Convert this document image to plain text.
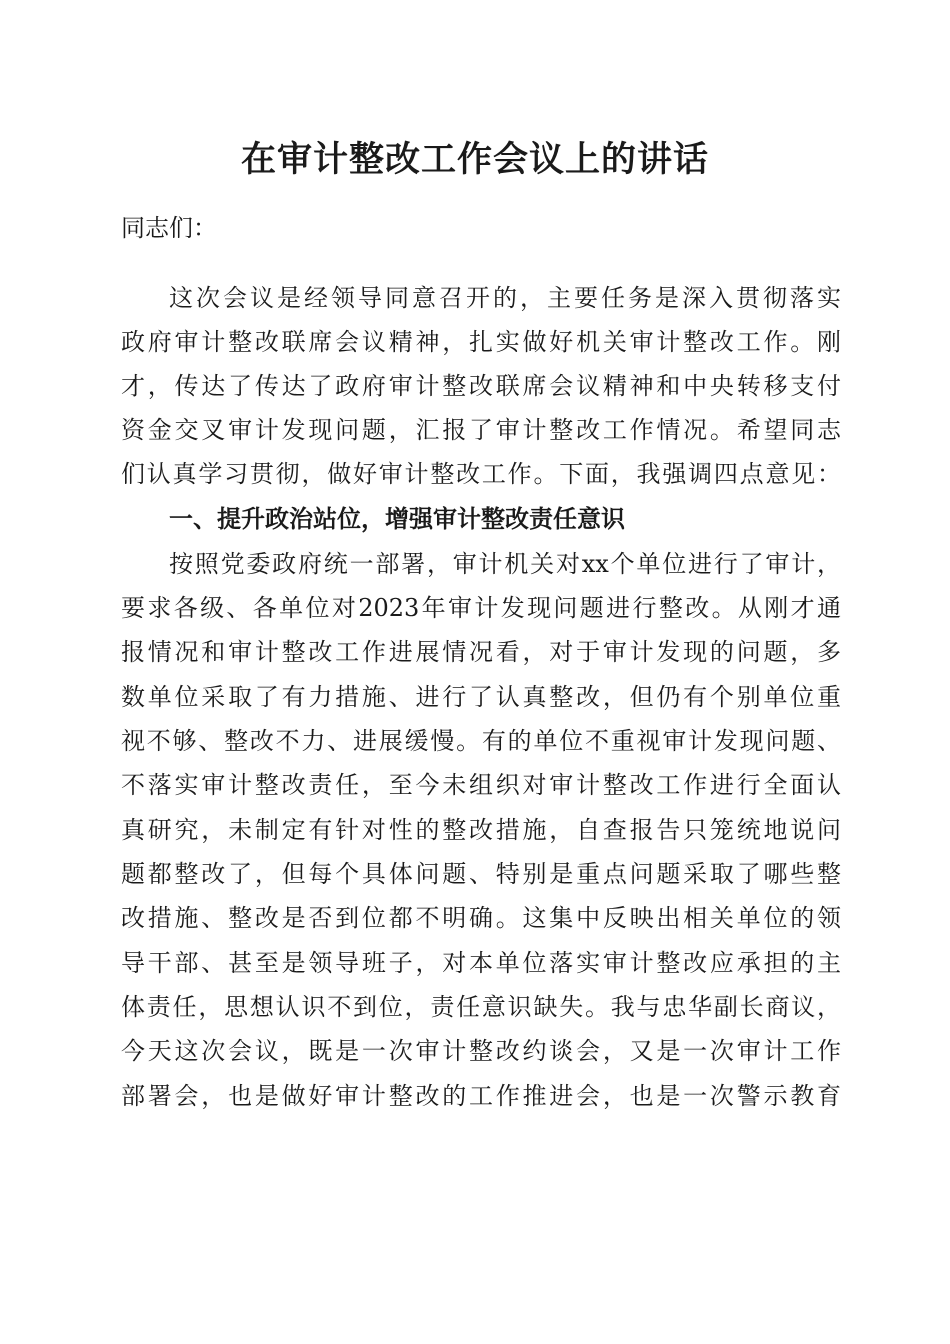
在审计整改工作会议上的讲话

同志们：

这次会议是经领导同意召开的，主要任务是深入贯彻落实

政府审计整改联席会议精神，扎实做好机关审计整改工作。刚

才，传达了传达了政府审计整改联席会议精神和中央转移支付

资金交叉审计发现问题，汇报了审计整改工作情况。希望同志

们认真学习贯彻，做好审计整改工作。下面，我强调四点意见：

一、提升政治站位，增强审计整改责任意识

按照党委政府统一部署，审计机关对xx个单位进行了审计，

要求各级、各单位对2023年审计发现问题进行整改。从刚才通

报情况和审计整改工作进展情况看，对于审计发现的问题，多

数单位采取了有力措施、进行了认真整改，但仍有个别单位重

视不够、整改不力、进展缓慢。有的单位不重视审计发现问题、

不落实审计整改责任，至今未组织对审计整改工作进行全面认

真研究，未制定有针对性的整改措施，自查报告只笼统地说问

题都整改了，但每个具体问题、特别是重点问题采取了哪些整

改措施、整改是否到位都不明确。这集中反映出相关单位的领

导干部、甚至是领导班子，对本单位落实审计整改应承担的主

体责任，思想认识不到位，责任意识缺失。我与忠华副长商议，

今天这次会议，既是一次审计整改约谈会，又是一次审计工作

部署会，也是做好审计整改的工作推进会，也是一次警示教育
